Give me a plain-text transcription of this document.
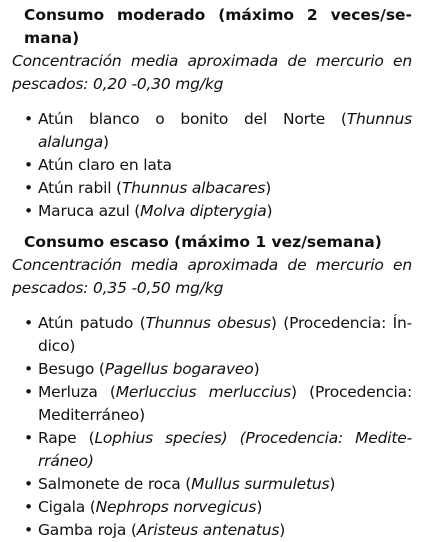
Consumo moderado (máximo 2 veces/se-mana)
Concentración media aproximada de mercurio en pescados: 0,20 -0,30 mg/kg
• Atún blanco o bonito del Norte (Thunnus alalunga)
• Atún claro en lata
• Atún rabil (Thunnus albacares)
• Maruca azul (Molva dipterygia)
Consumo escaso (máximo 1 vez/semana)
Concentración media aproximada de mercurio en pescados: 0,35 -0,50 mg/kg
• Atún patudo (Thunnus obesus) (Procedencia: Ín-dico)
• Besugo (Pagellus bogaraveo)
• Merluza (Merluccius merluccius) (Procedencia: Mediterráneo)
• Rape (Lophius species) (Procedencia: Medite-rráneo)
• Salmonete de roca (Mullus surmuletus)
• Cigala (Nephrops norvegicus)
• Gamba roja (Aristeus antenatus)
